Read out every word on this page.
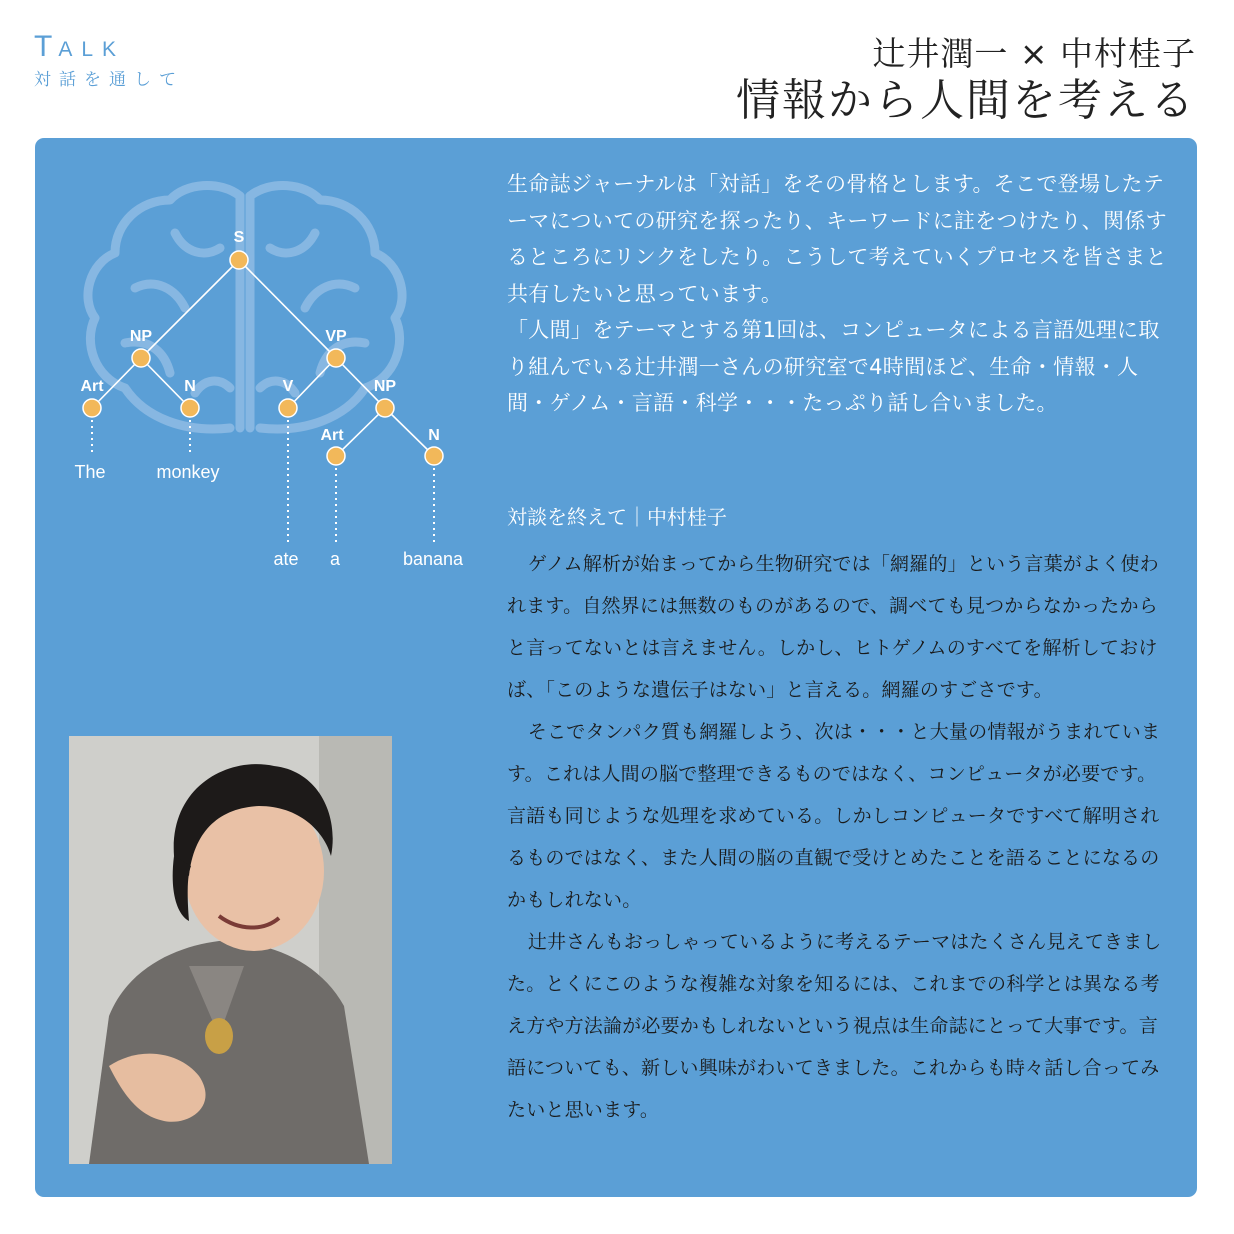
TALK
対話を通して
辻井潤一 × 中村桂子
情報から人間を考える
S
NP	VP
Art	N	V	NP
Art	N
The	monkey
ate a	banana

生命誌ジャーナルは「対話」をその骨格とします。そこで登場したテーマについての研究を探ったり、キーワードに註をつけたり、関係するところにリンクをしたり。こうして考えていくプロセスを皆さまと共有したいと思っています。

「人間」をテーマとする第1回は、コンピュータによる言語処理に取り組んでいる辻井潤一さんの研究室で4時間ほど、生命・情報・人間・ゲノム・言語・科学・・・たっぷり話し合いました。

対談を終えて｜中村桂子

ゲノム解析が始まってから生物研究では「網羅的」という言葉がよく使われます。自然界には無数のものがあるので、調べても見つからなかったからと言ってないとは言えません。しかし、ヒトゲノムのすべてを解析しておけば、「このような遺伝子はない」と言える。網羅のすごさです。

そこでタンパク質も網羅しよう、次は・・・と大量の情報がうまれています。これは人間の脳で整理できるものではなく、コンピュータが必要です。言語も同じような処理を求めている。しかしコンピュータですべて解明されるものではなく、また人間の脳の直観で受けとめたことを語ることになるのかもしれない。

辻井さんもおっしゃっているように考えるテーマはたくさん見えてきました。とくにこのような複雑な対象を知るには、これまでの科学とは異なる考え方や方法論が必要かもしれないという視点は生命誌にとって大事です。言語についても、新しい興味がわいてきました。これからも時々話し合ってみたいと思います。
